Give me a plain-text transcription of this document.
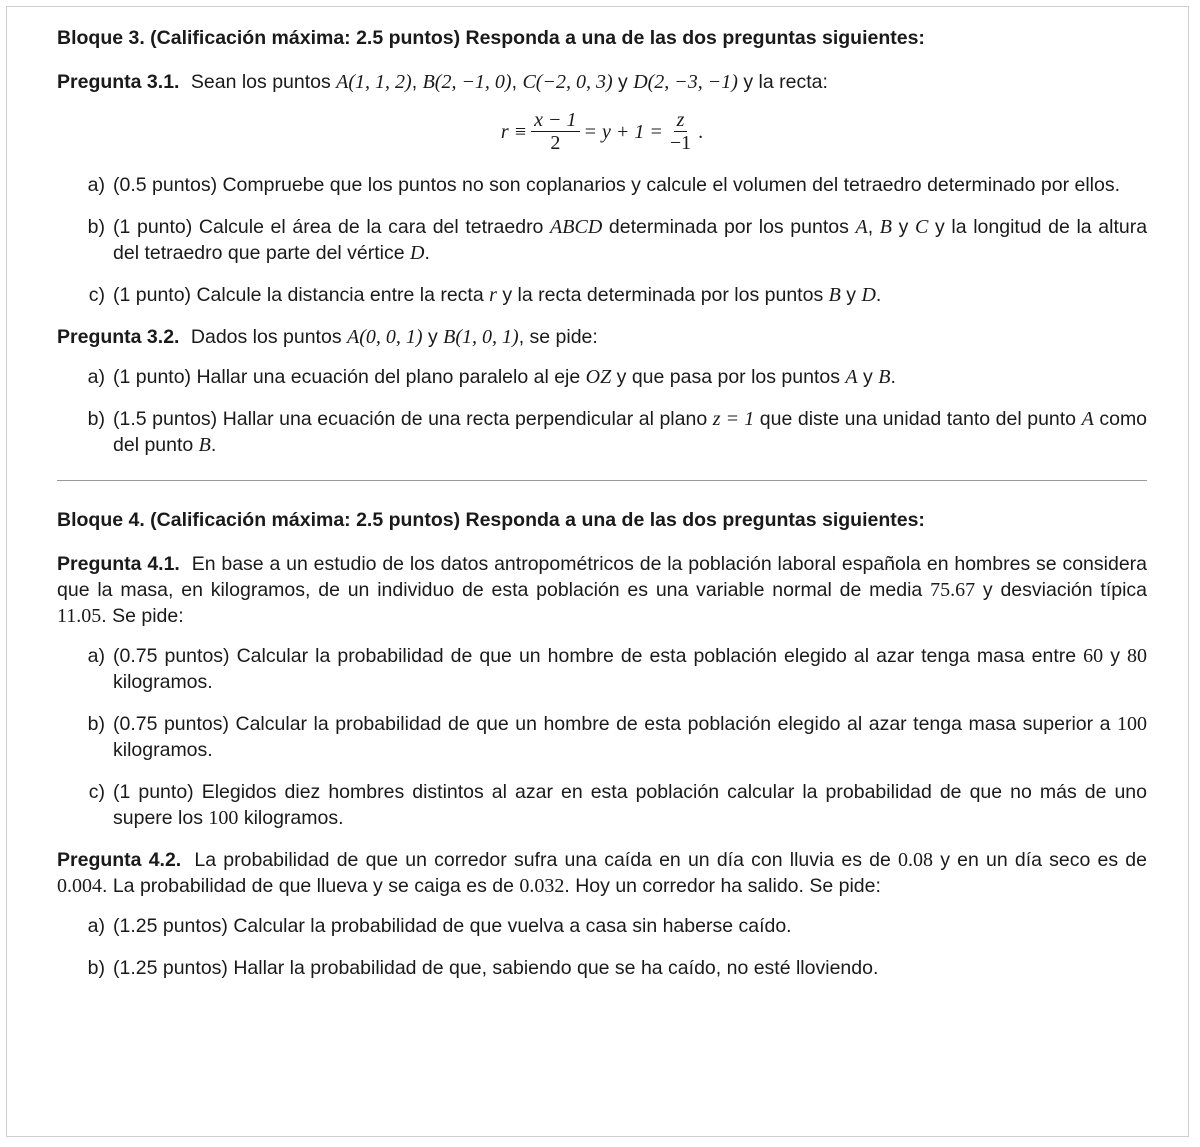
Bloque 3. (Calificación máxima: 2.5 puntos) Responda a una de las dos preguntas siguientes:
Pregunta 3.1. Sean los puntos A(1, 1, 2), B(2, −1, 0), C(−2, 0, 3) y D(2, −3, −1) y la recta:
$r \equiv \frac{x - 1}{2} = y + 1 = \frac{z}{-1}$ .
a) (0.5 puntos) Compruebe que los puntos no son coplanarios y calcule el volumen del tetraedro determinado por ellos.
b) (1 punto) Calcule el área de la cara del tetraedro ABCD determinada por los puntos A, B y C y la longitud de la altura del tetraedro que parte del vértice D.
c) (1 punto) Calcule la distancia entre la recta r y la recta determinada por los puntos B y D.
Pregunta 3.2. Dados los puntos A(0, 0, 1) y B(1, 0, 1), se pide:
a) (1 punto) Hallar una ecuación del plano paralelo al eje OZ y que pasa por los puntos A y B.
b) (1.5 puntos) Hallar una ecuación de una recta perpendicular al plano z = 1 que diste una unidad tanto del punto A como del punto B.
Bloque 4. (Calificación máxima: 2.5 puntos) Responda a una de las dos preguntas siguientes:
Pregunta 4.1. En base a un estudio de los datos antropométricos de la población laboral española en hombres se considera que la masa, en kilogramos, de un individuo de esta población es una variable normal de media 75.67 y desviación típica 11.05. Se pide:
a) (0.75 puntos) Calcular la probabilidad de que un hombre de esta población elegido al azar tenga masa entre 60 y 80 kilogramos.
b) (0.75 puntos) Calcular la probabilidad de que un hombre de esta población elegido al azar tenga masa superior a 100 kilogramos.
c) (1 punto) Elegidos diez hombres distintos al azar en esta población calcular la probabilidad de que no más de uno supere los 100 kilogramos.
Pregunta 4.2. La probabilidad de que un corredor sufra una caída en un día con lluvia es de 0.08 y en un día seco es de 0.004. La probabilidad de que llueva y se caiga es de 0.032. Hoy un corredor ha salido. Se pide:
a) (1.25 puntos) Calcular la probabilidad de que vuelva a casa sin haberse caído.
b) (1.25 puntos) Hallar la probabilidad de que, sabiendo que se ha caído, no esté lloviendo.
